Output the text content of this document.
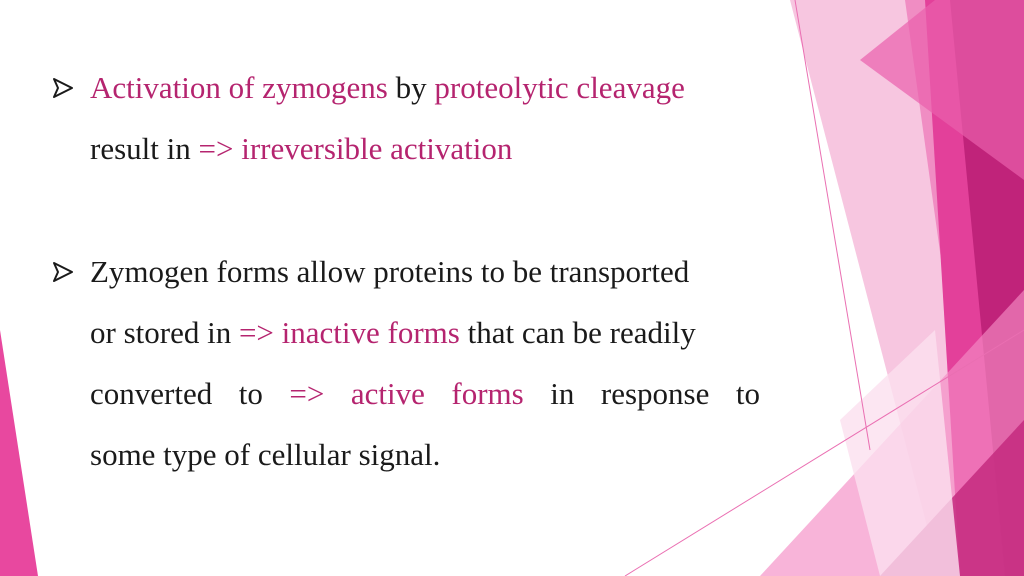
Activation of zymogens by proteolytic cleavage
result in => irreversible activation
Zymogen forms allow proteins to be transported
or stored in => inactive forms that can be readily
converted to => active forms in response to
some type of cellular signal.
